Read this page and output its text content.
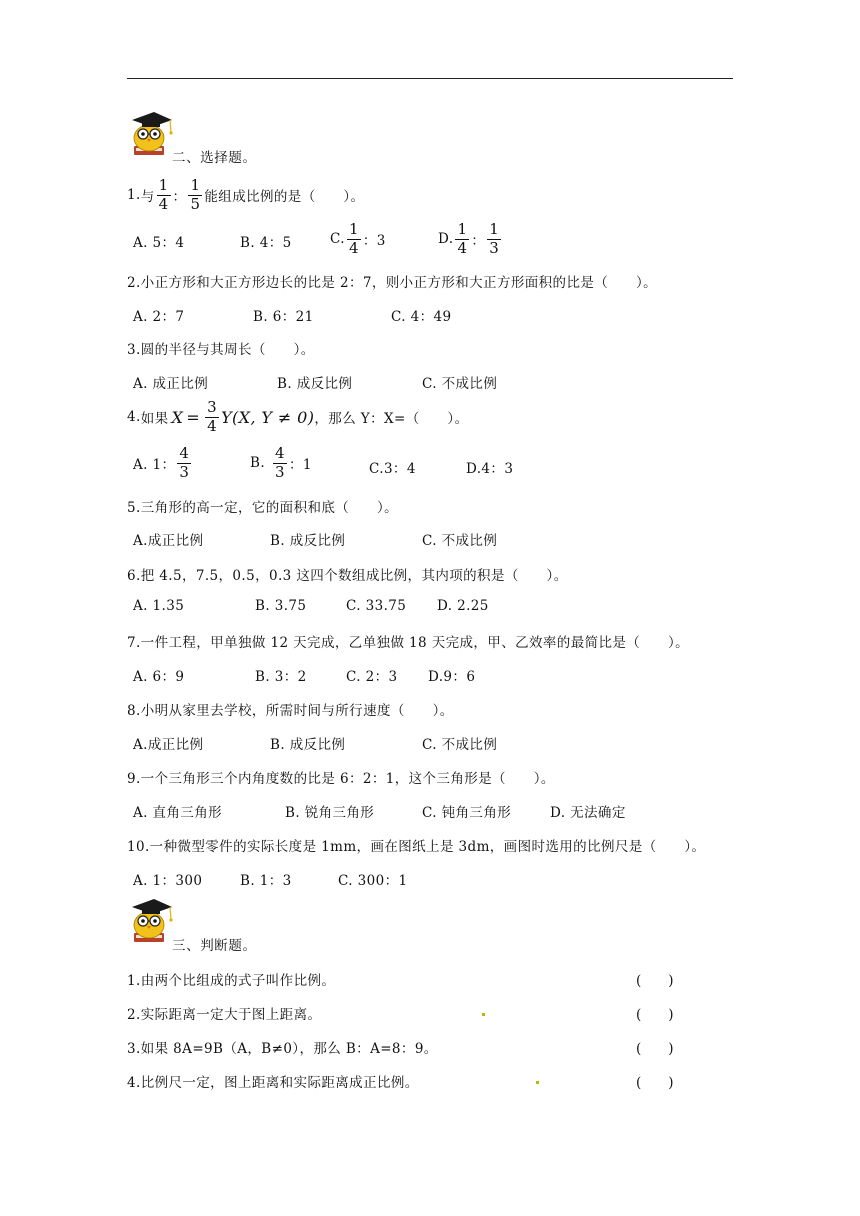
二、选择题。
1. 与 $\frac{1}{4}$ ： $\frac{1}{5}$ 能组成比例的是（　　）。
A. 5：4	B. 4：5	C. $\frac{1}{4}$ ：3	D. $\frac{1}{4}$ ： $\frac{1}{3}$
2.小正方形和大正方形边长的比是 2：7，则小正方形和大正方形面积的比是（　　）。
A. 2：7	B. 6：21	C. 4：49
3.圆的半径与其周长（　　）。
A. 成正比例	B. 成反比例	C. 不成比例
4. 如果 $X = \frac{3}{4}$ Y (X, Y ≠ 0) ，那么 Y：X=（　　）。
A. 1： $\frac{4}{3}$	B. $\frac{4}{3}$ ：1	C.3：4	D.4：3
5.三角形的高一定，它的面积和底（　　）。
A.成正比例	B. 成反比例	C. 不成比例
6.把 4.5，7.5，0.5，0.3 这四个数组成比例，其内项的积是（　　）。
A. 1.35	B. 3.75	C. 33.75 D. 2.25
7.一件工程，甲单独做 12 天完成，乙单独做 18 天完成，甲、乙效率的最简比是（　　）。
A. 6：9	B. 3：2	C. 2：3 D.9：6
8.小明从家里去学校，所需时间与所行速度（　　）。
A.成正比例	B. 成反比例	C. 不成比例
9.一个三角形三个内角度数的比是 6：2：1，这个三角形是（　　）。
A. 直角三角形	B. 锐角三角形	C. 钝角三角形	D. 无法确定
10.一种微型零件的实际长度是 1mm，画在图纸上是 3dm，画图时选用的比例尺是（　　）。
A. 1：300	B. 1：3	C. 300：1
三、判断题。
1.由两个比组成的式子叫作比例。	(　　)
2.实际距离一定大于图上距离。	(　　)
3.如果 8A=9B（A，B≠0），那么 B：A=8：9。	(　　)
4.比例尺一定，图上距离和实际距离成正比例。	(　　)
